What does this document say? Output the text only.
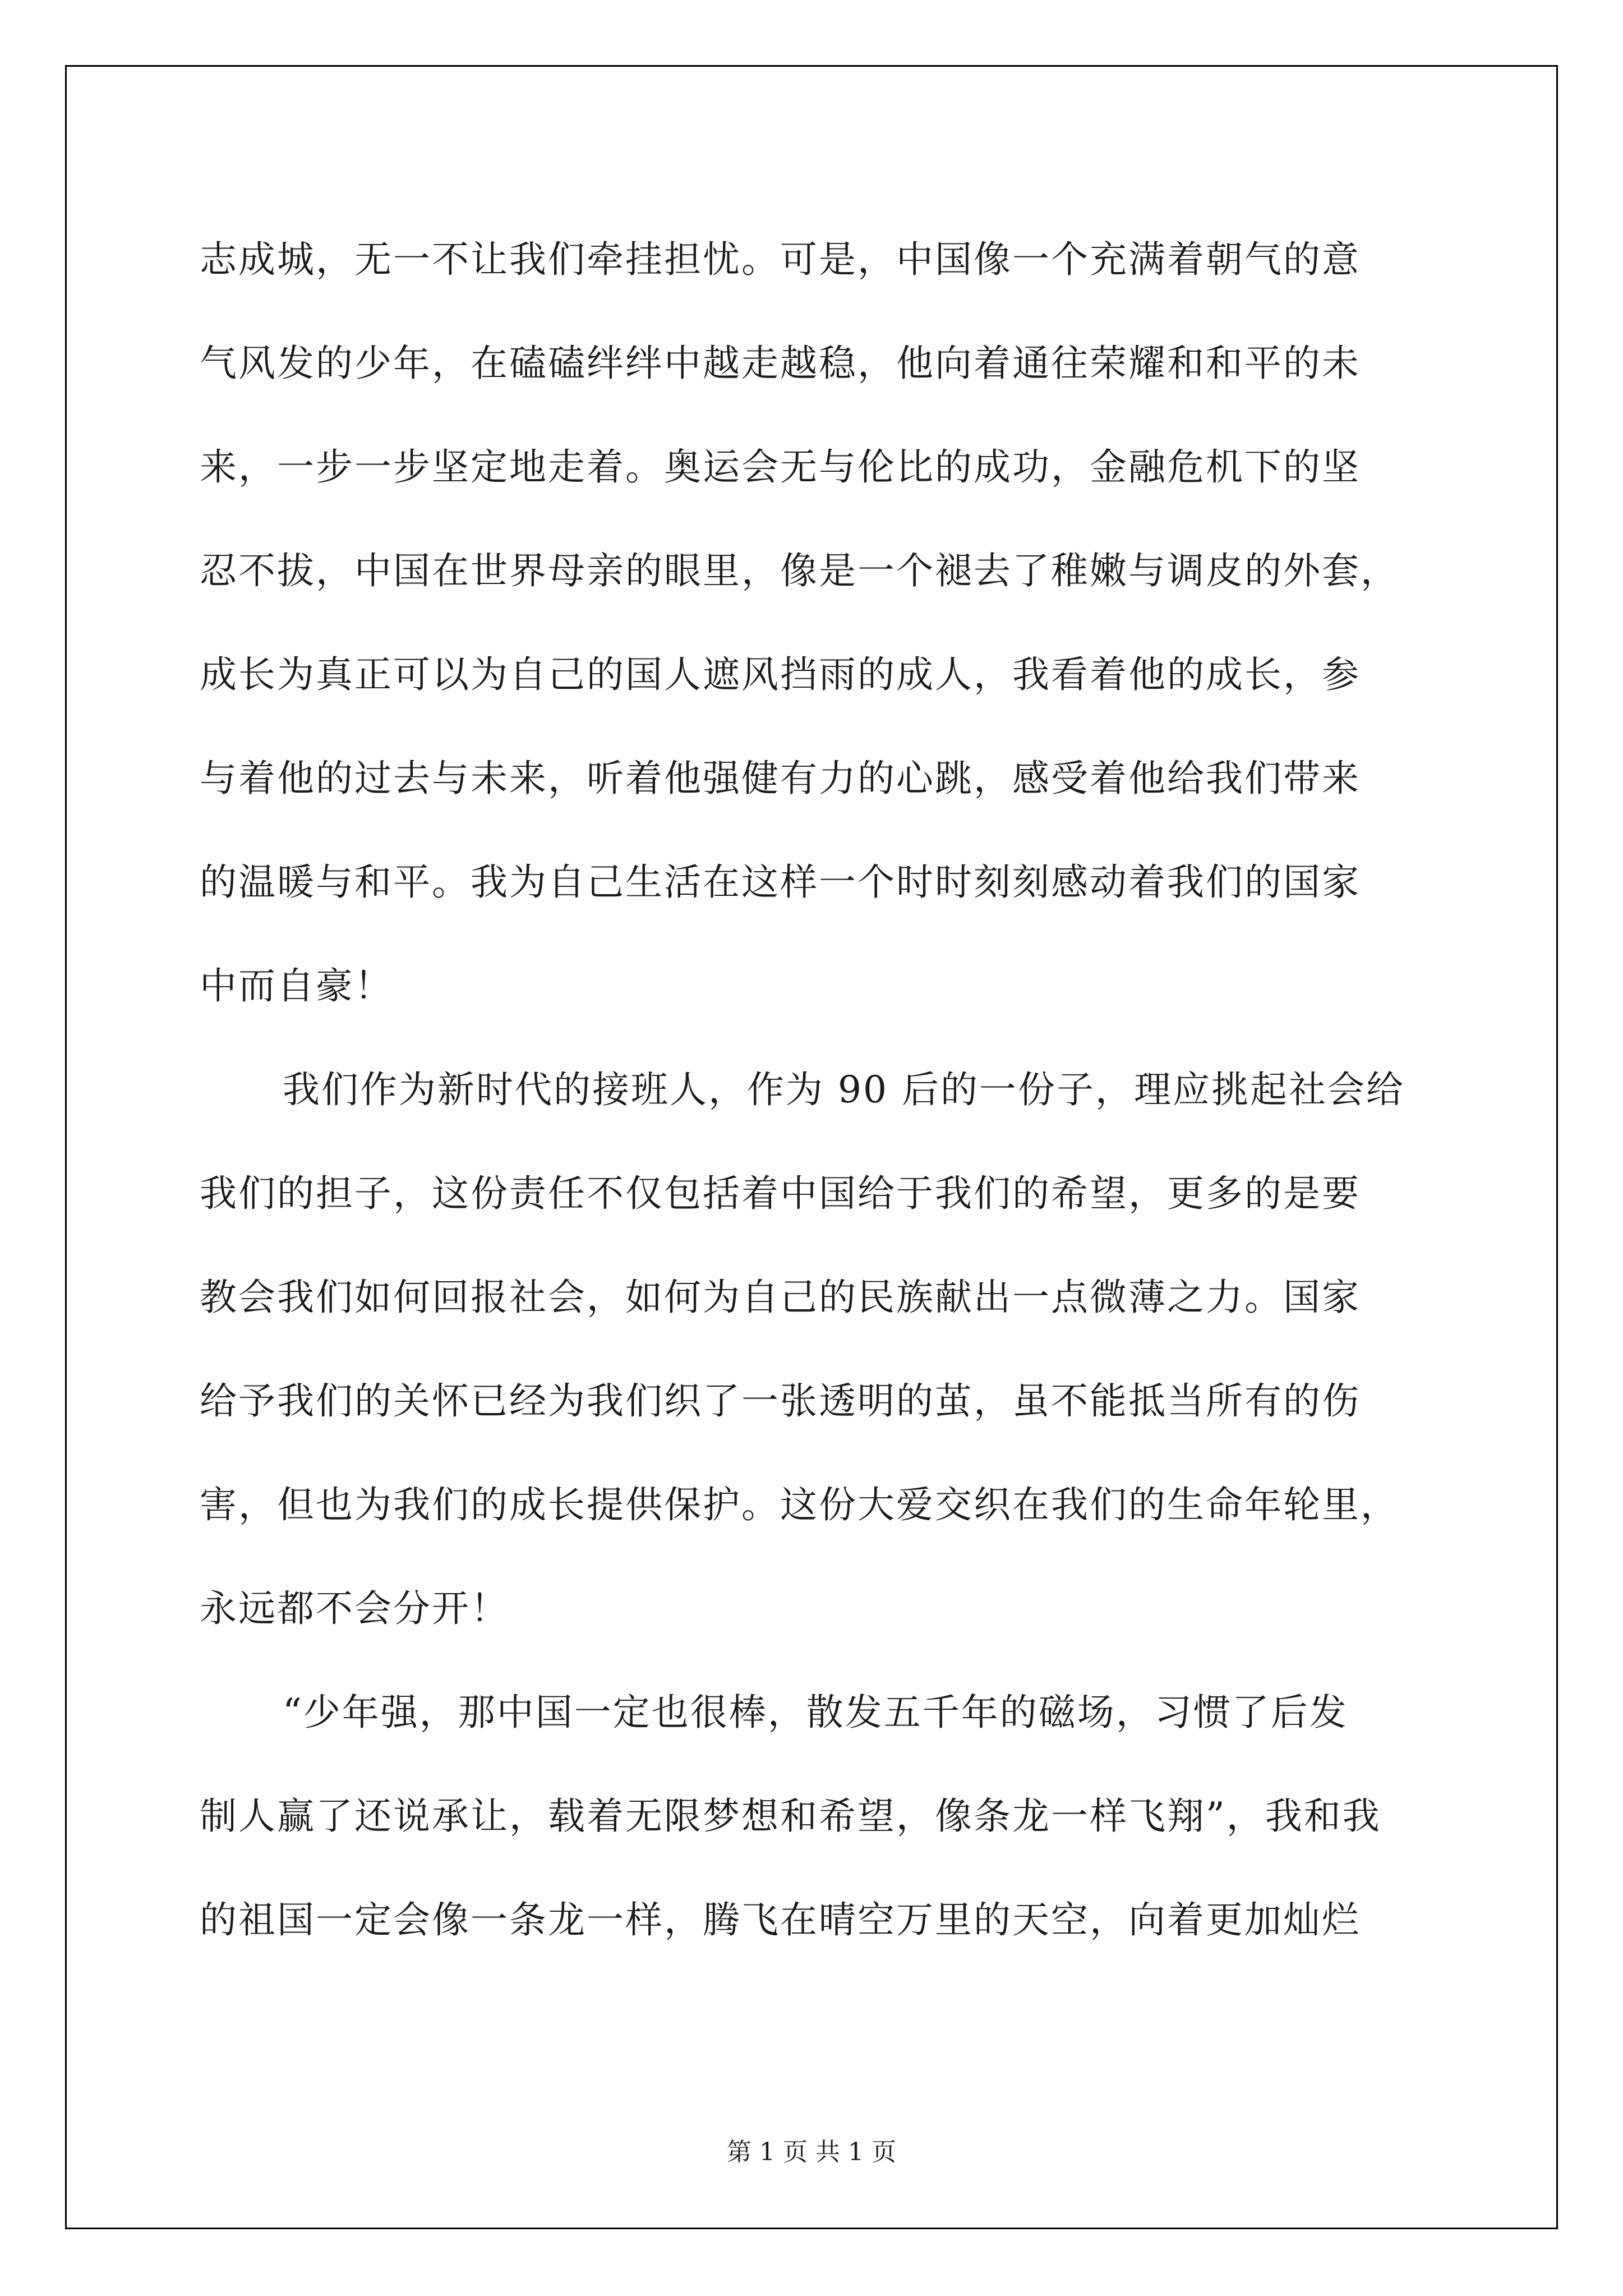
志成城，无一不让我们牵挂担忧。可是，中国像一个充满着朝气的意
气风发的少年，在磕磕绊绊中越走越稳，他向着通往荣耀和和平的未
来，一步一步坚定地走着。奥运会无与伦比的成功，金融危机下的坚
忍不拔，中国在世界母亲的眼里，像是一个褪去了稚嫩与调皮的外套，
成长为真正可以为自己的国人遮风挡雨的成人，我看着他的成长，参
与着他的过去与未来，听着他强健有力的心跳，感受着他给我们带来
的温暖与和平。我为自己生活在这样一个时时刻刻感动着我们的国家
中而自豪！

我们作为新时代的接班人，作为 90 后的一份子，理应挑起社会给
我们的担子，这份责任不仅包括着中国给于我们的希望，更多的是要
教会我们如何回报社会，如何为自己的民族献出一点微薄之力。国家
给予我们的关怀已经为我们织了一张透明的茧，虽不能抵当所有的伤
害，但也为我们的成长提供保护。这份大爱交织在我们的生命年轮里，
永远都不会分开！

“少年强，那中国一定也很棒，散发五千年的磁场，习惯了后发
制人赢了还说承让，载着无限梦想和希望，像条龙一样飞翔”，我和我
的祖国一定会像一条龙一样，腾飞在晴空万里的天空，向着更加灿烂

第 1 页 共 1 页
